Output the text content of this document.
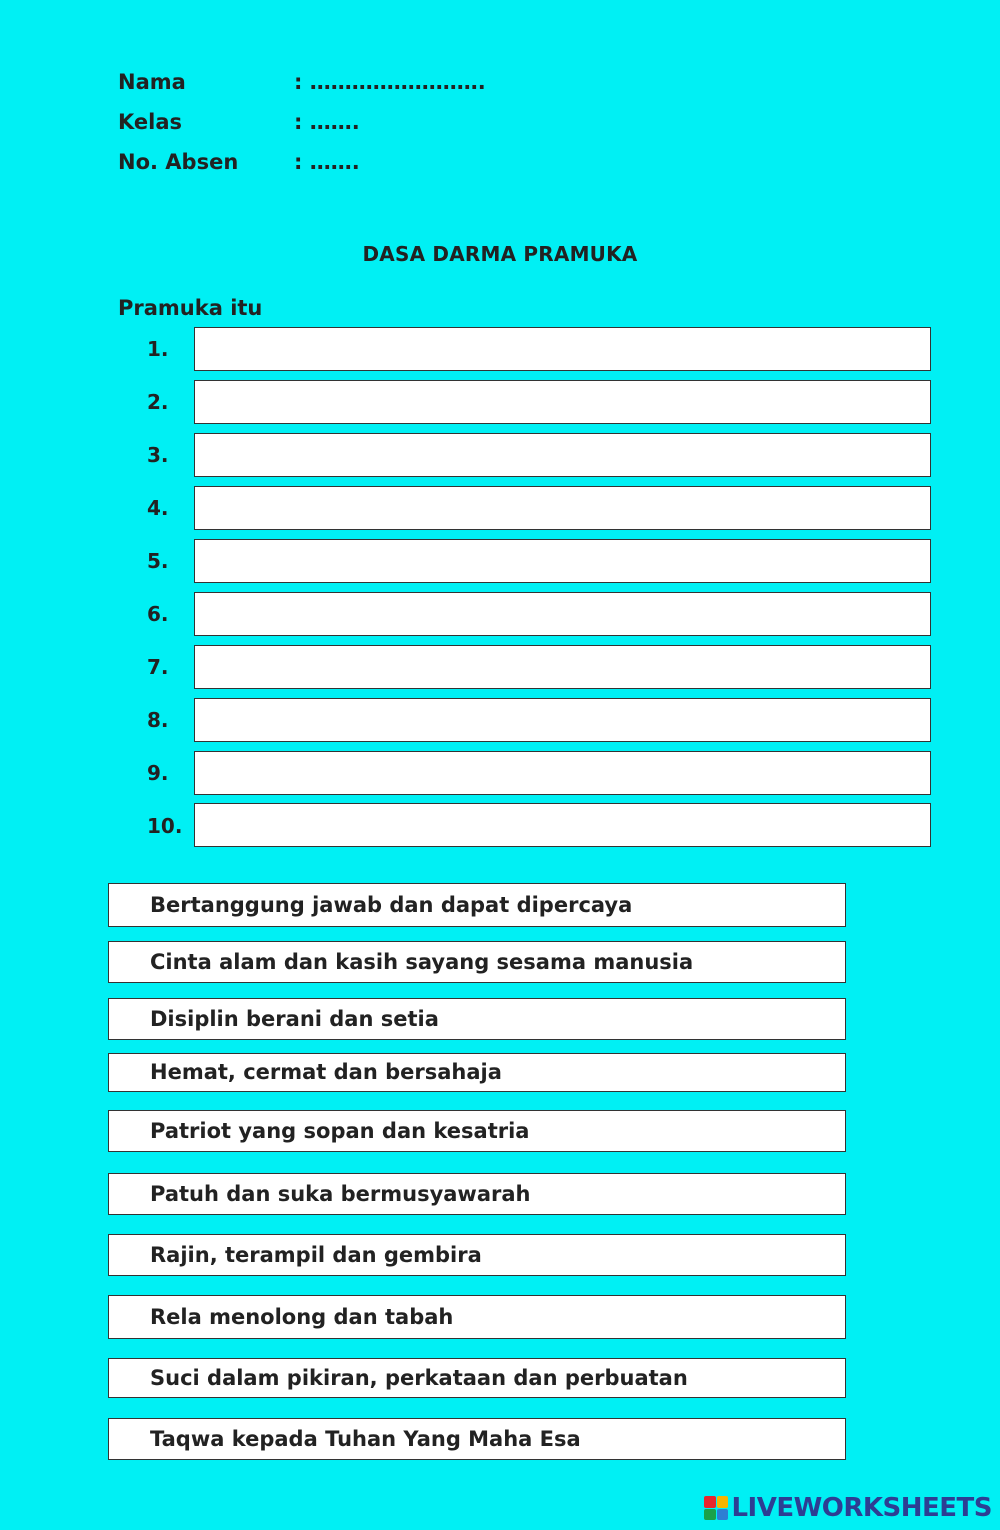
Nama	: …………………….
Kelas	: …….
No. Absen	: …….
DASA DARMA PRAMUKA
Pramuka itu
1.
2.
3.
4.
5.
6.
7.
8.
9.
10.
Bertanggung jawab dan dapat dipercaya
Cinta alam dan kasih sayang sesama manusia
Disiplin berani dan setia
Hemat, cermat dan bersahaja
Patriot yang sopan dan kesatria
Patuh dan suka bermusyawarah
Rajin, terampil dan gembira
Rela menolong dan tabah
Suci dalam pikiran, perkataan dan perbuatan
Taqwa kepada Tuhan Yang Maha Esa
LIVEWORKSHEETS
